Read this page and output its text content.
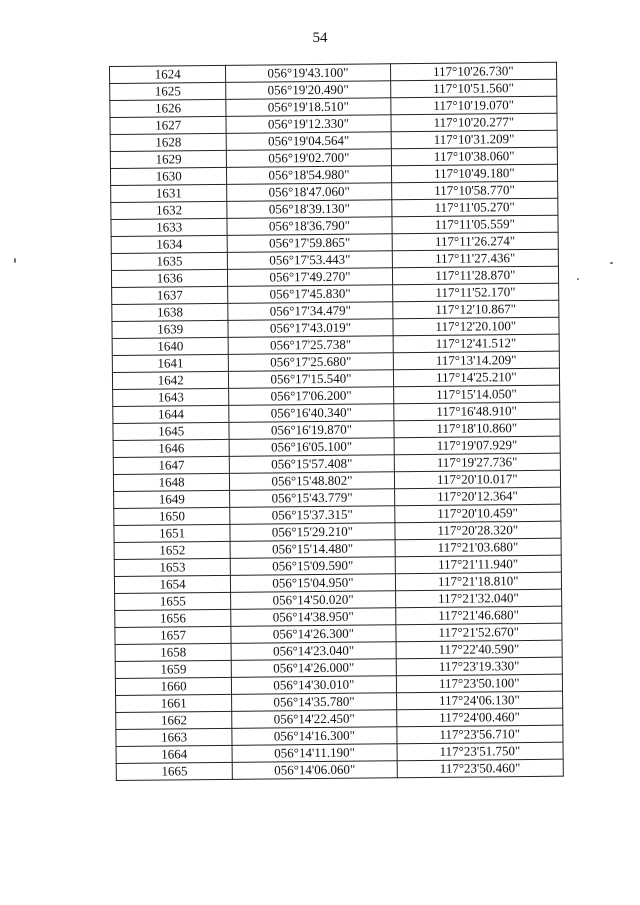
54
1624	056°19'43.100"	117°10'26.730"
1625	056°19'20.490"	117°10'51.560"
1626	056°19'18.510"	117°10'19.070"
1627	056°19'12.330"	117°10'20.277"
1628	056°19'04.564"	117°10'31.209"
1629	056°19'02.700"	117°10'38.060"
1630	056°18'54.980"	117°10'49.180"
1631	056°18'47.060"	117°10'58.770"
1632	056°18'39.130"	117°11'05.270"
1633	056°18'36.790"	117°11'05.559"
1634	056°17'59.865"	117°11'26.274"
1635	056°17'53.443"	117°11'27.436"
1636	056°17'49.270"	117°11'28.870"
1637	056°17'45.830"	117°11'52.170"
1638	056°17'34.479"	117°12'10.867"
1639	056°17'43.019"	117°12'20.100"
1640	056°17'25.738"	117°12'41.512"
1641	056°17'25.680"	117°13'14.209"
1642	056°17'15.540"	117°14'25.210"
1643	056°17'06.200"	117°15'14.050"
1644	056°16'40.340"	117°16'48.910"
1645	056°16'19.870"	117°18'10.860"
1646	056°16'05.100"	117°19'07.929"
1647	056°15'57.408"	117°19'27.736"
1648	056°15'48.802"	117°20'10.017"
1649	056°15'43.779"	117°20'12.364"
1650	056°15'37.315"	117°20'10.459"
1651	056°15'29.210"	117°20'28.320"
1652	056°15'14.480"	117°21'03.680"
1653	056°15'09.590"	117°21'11.940"
1654	056°15'04.950"	117°21'18.810"
1655	056°14'50.020"	117°21'32.040"
1656	056°14'38.950"	117°21'46.680"
1657	056°14'26.300"	117°21'52.670"
1658	056°14'23.040"	117°22'40.590"
1659	056°14'26.000"	117°23'19.330"
1660	056°14'30.010"	117°23'50.100"
1661	056°14'35.780"	117°24'06.130"
1662	056°14'22.450"	117°24'00.460"
1663	056°14'16.300"	117°23'56.710"
1664	056°14'11.190"	117°23'51.750"
1665	056°14'06.060"	117°23'50.460"
